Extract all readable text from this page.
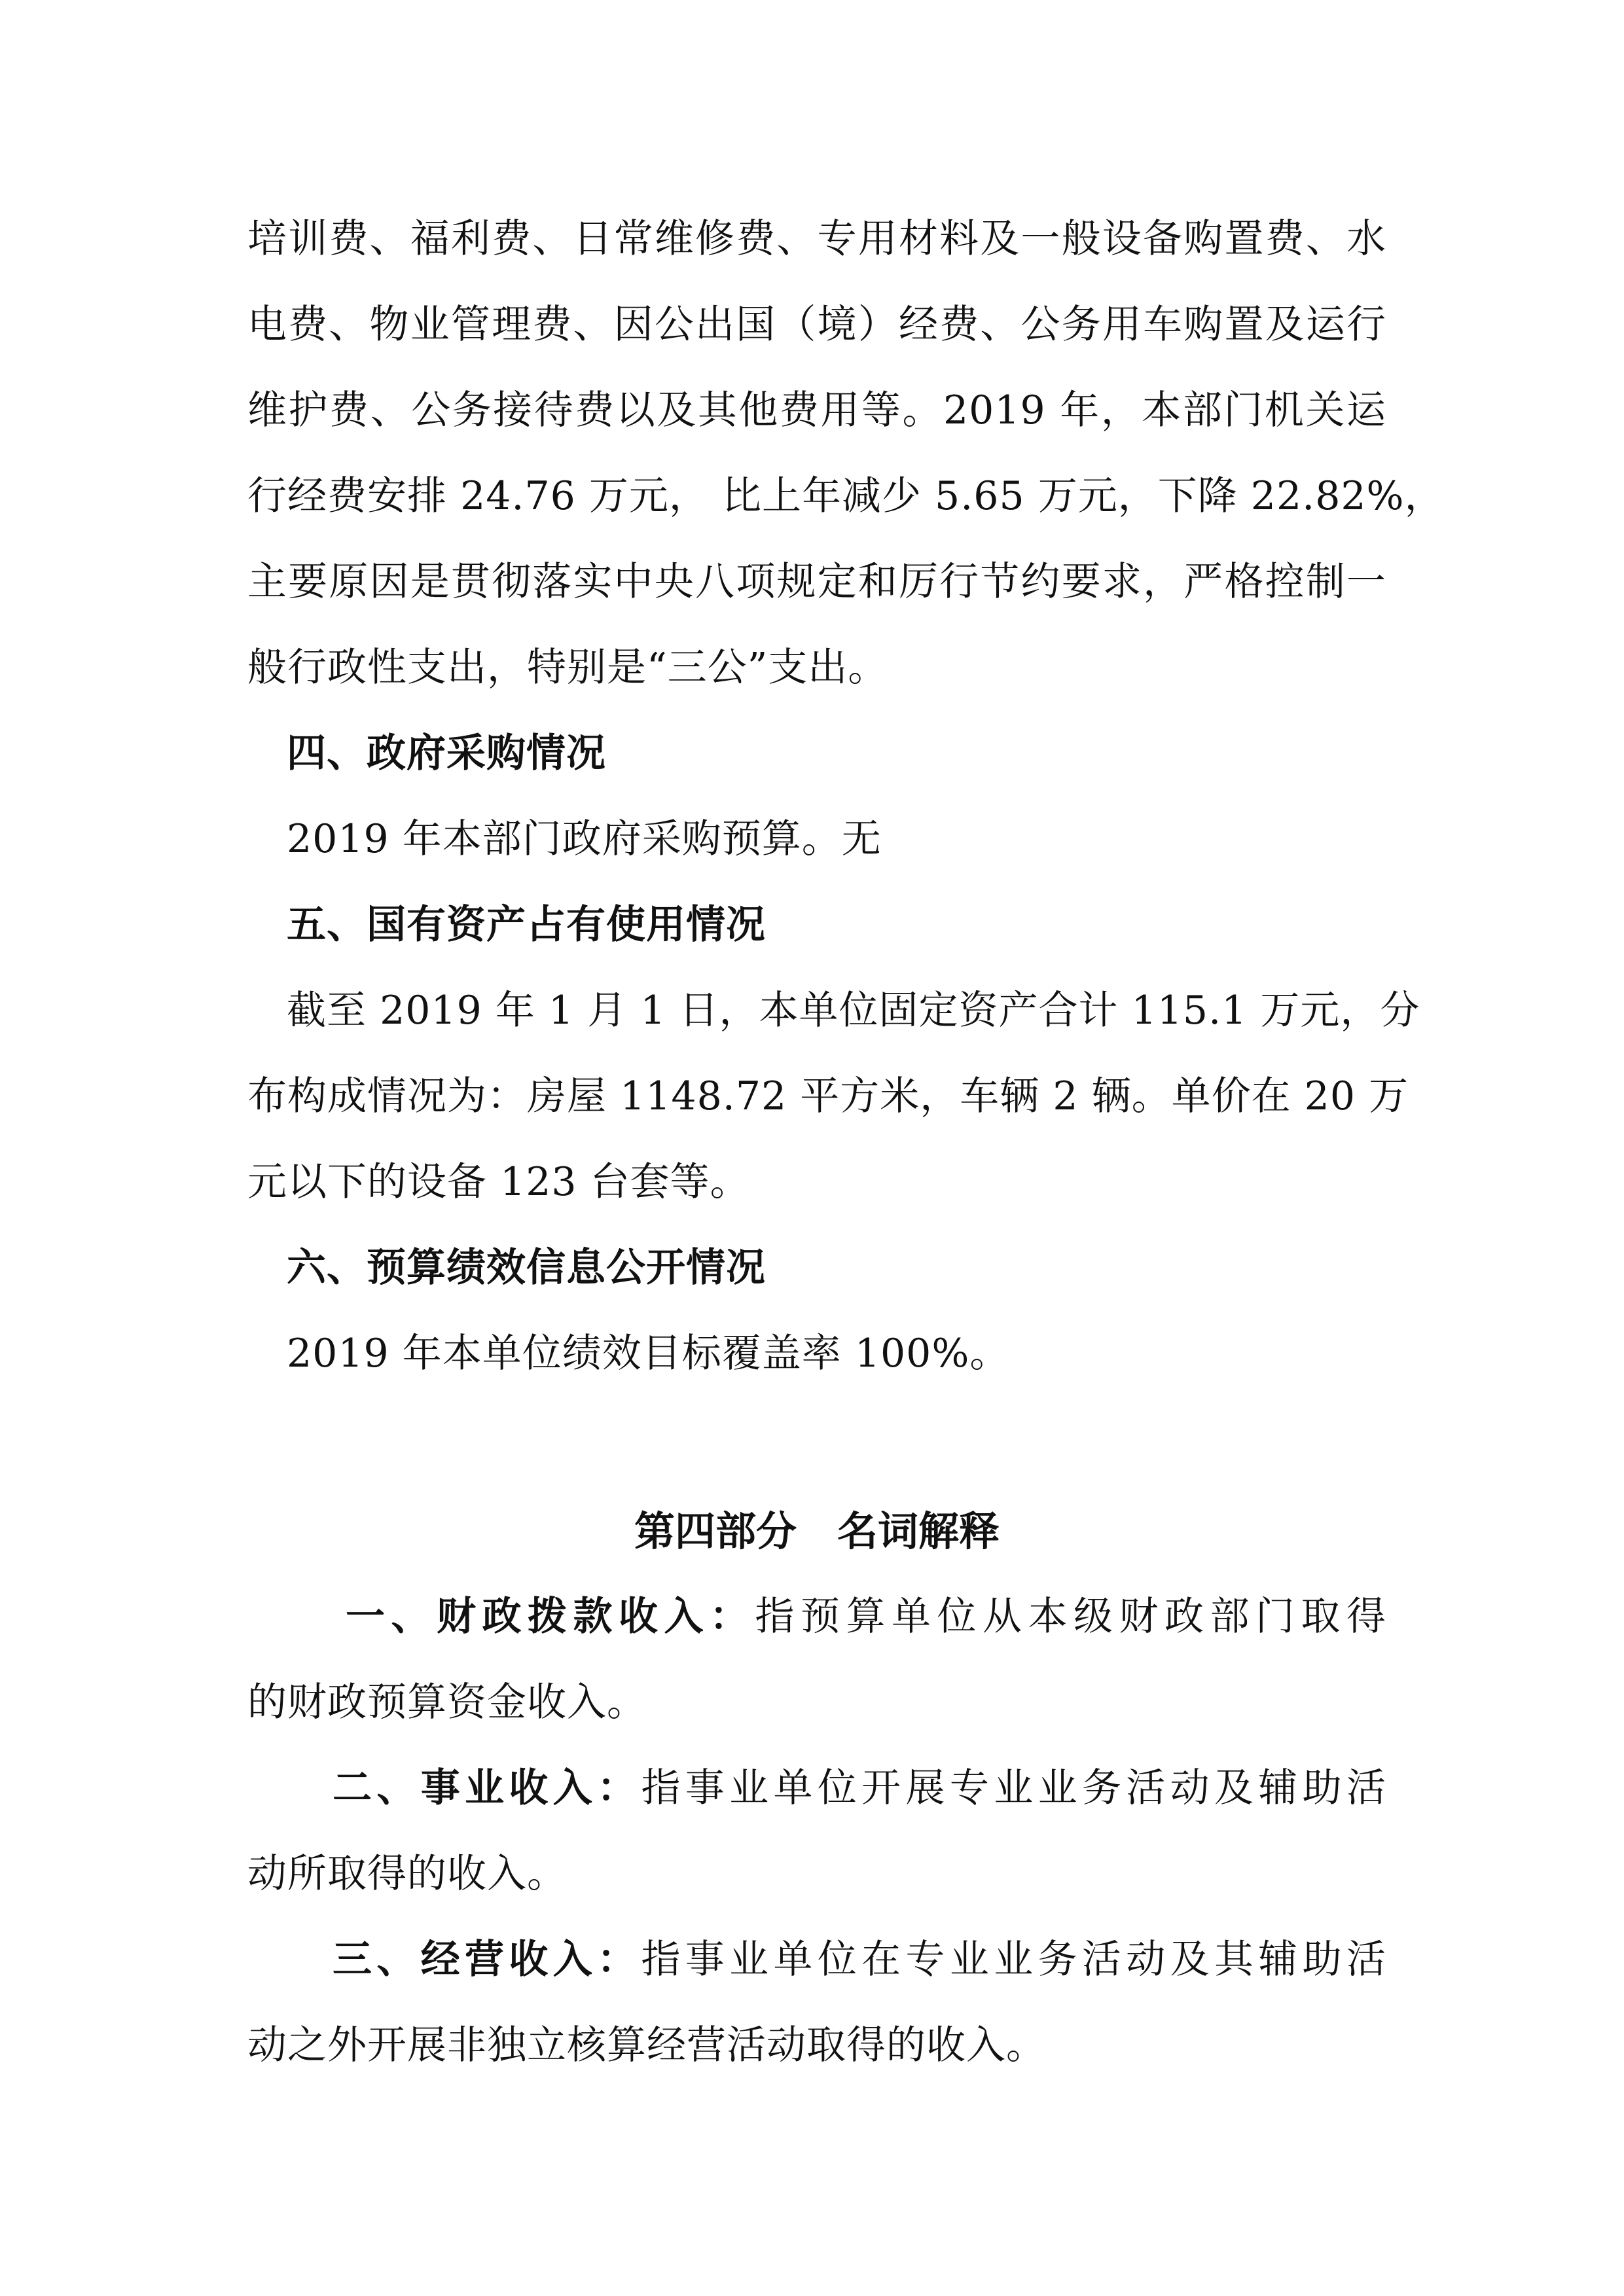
培训费、福利费、日常维修费、专用材料及一般设备购置费、水
电费、物业管理费、因公出国（境）经费、公务用车购置及运行
维护费、公务接待费以及其他费用等。2019 年，本部门机关运
行经费安排 24.76 万元， 比上年减少 5.65 万元，下降 22.82%，
主要原因是贯彻落实中央八项规定和厉行节约要求，严格控制一
般行政性支出，特别是“三公”支出。
四、政府采购情况
2019 年本部门政府采购预算。无
五、国有资产占有使用情况
截至 2019 年 1 月 1 日，本单位固定资产合计 115.1 万元，分
布构成情况为：房屋 1148.72 平方米，车辆 2 辆。单价在 20 万
元以下的设备 123 台套等。
六、预算绩效信息公开情况
2019 年本单位绩效目标覆盖率 100%。
第四部分　名词解释
一、财政拨款收入：指预算单位从本级财政部门取得
的财政预算资金收入。
二、事业收入：指事业单位开展专业业务活动及辅助活
动所取得的收入。
三、经营收入：指事业单位在专业业务活动及其辅助活
动之外开展非独立核算经营活动取得的收入。
